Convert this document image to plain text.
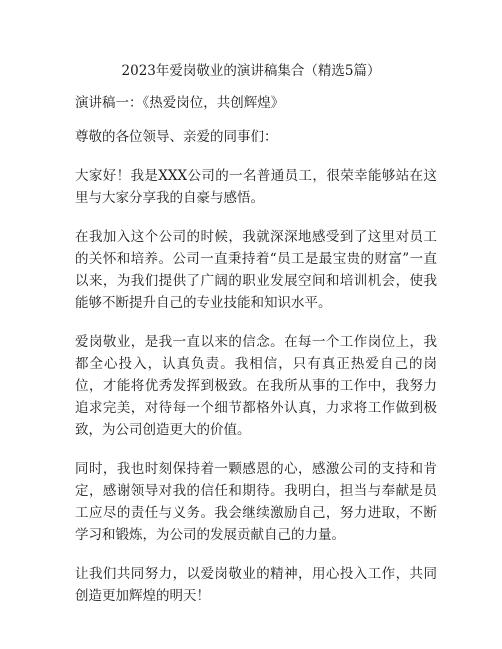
2023年爱岗敬业的演讲稿集合（精选5篇）

演讲稿一：《热爱岗位，共创辉煌》

尊敬的各位领导、亲爱的同事们：

大家好！我是XXX公司的一名普通员工，很荣幸能够站在这里与大家分享我的自豪与感悟。

在我加入这个公司的时候，我就深深地感受到了这里对员工的关怀和培养。公司一直秉持着“员工是最宝贵的财富”一直以来，为我们提供了广阔的职业发展空间和培训机会，使我能够不断提升自己的专业技能和知识水平。

爱岗敬业，是我一直以来的信念。在每一个工作岗位上，我都全心投入，认真负责。我相信，只有真正热爱自己的岗位，才能将优秀发挥到极致。在我所从事的工作中，我努力追求完美，对待每一个细节都格外认真，力求将工作做到极致，为公司创造更大的价值。

同时，我也时刻保持着一颗感恩的心，感激公司的支持和肯定，感谢领导对我的信任和期待。我明白，担当与奉献是员工应尽的责任与义务。我会继续激励自己，努力进取，不断学习和锻炼，为公司的发展贡献自己的力量。

让我们共同努力，以爱岗敬业的精神，用心投入工作，共同创造更加辉煌的明天！
